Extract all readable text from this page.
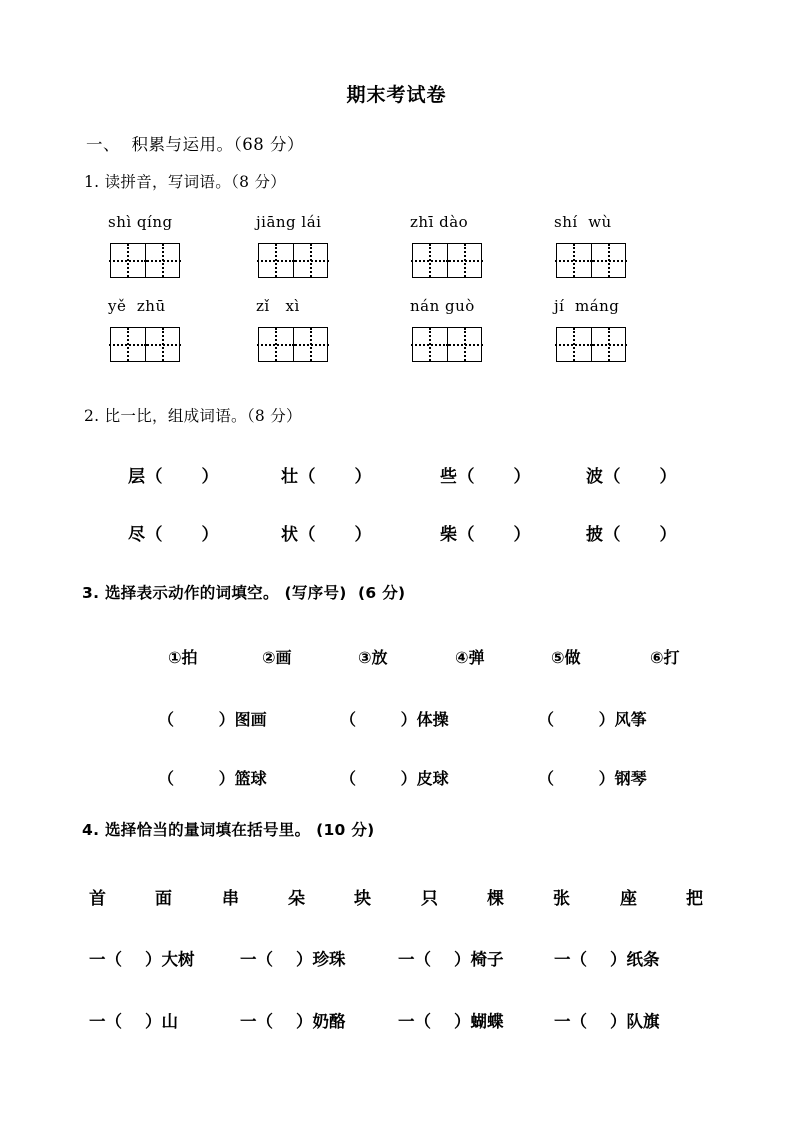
期末考试卷
一、  积累与运用。（68 分）
1. 读拼音，写词语。（8 分）
shì qíng	jiāng lái	zhī dào	shí  wù
yě  zhū	zǐ   xì	nán guò	jí  máng
2. 比一比，组成词语。（8 分）
层（      ）	壮（      ）	些（      ）	波（      ）
尽（      ）	状（      ）	柴（      ）	披（      ）
3. 选择表示动作的词填空。 (写序号)  (6 分)
①拍	②画	③放	④弹	⑤做	⑥打
（        ）图画	（        ）体操	（        ）风筝
（        ）篮球	（        ）皮球	（        ）钢琴
4. 选择恰当的量词填在括号里。 (10 分)
首	面	串	朵	块	只	棵	张	座	把
一（    ）大树	一（    ）珍珠	一（    ）椅子	一（    ）纸条
一（    ）山	一（    ）奶酪	一（    ）蝴蝶	一（    ）队旗
